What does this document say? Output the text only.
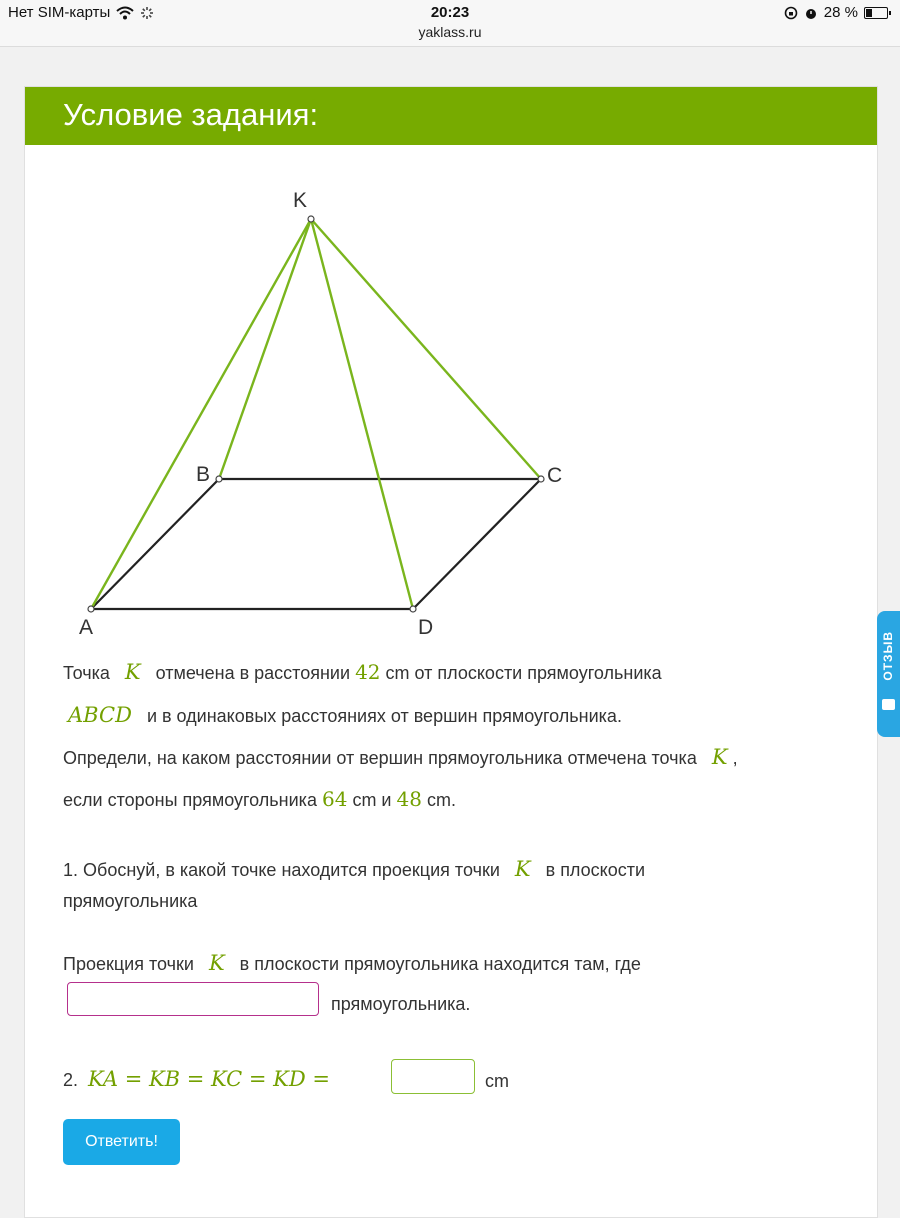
Нет SIM-карты	20:23
yaklass.ru
28 %
Условие задания:
K
B	C
A	D
Точка K отмечена в расстоянии 42 cm от плоскости прямоугольника
ABCD и в одинаковых расстояниях от вершин прямоугольника.
Определи, на каком расстоянии от вершин прямоугольника отмечена точка K ,
если стороны прямоугольника 64 cm и 48 cm.
1. Обоснуй, в какой точке находится проекция точки K в плоскости
прямоугольника
Проекция точки K в плоскости прямоугольника находится там, где
прямоугольника.
2. KA = KB = KC = KD =	cm
Ответить!
ОТЗЫВ
